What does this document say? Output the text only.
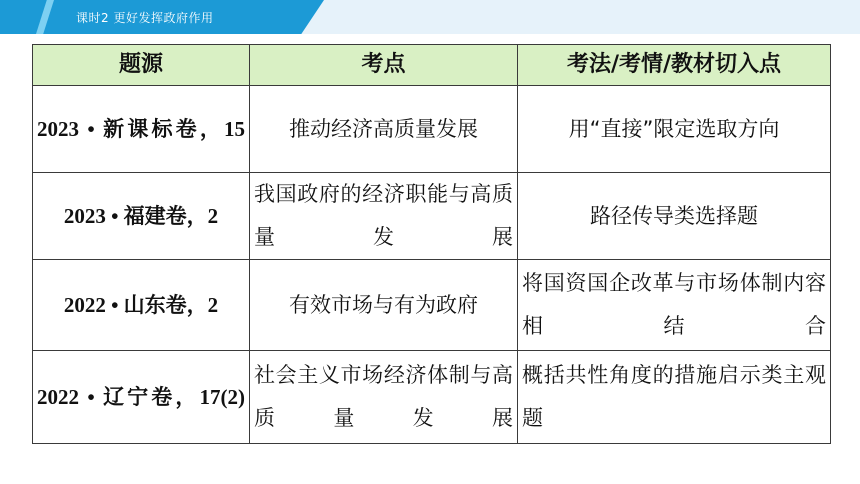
课时2 更好发挥政府作用
题源	考点	考法/考情/教材切入点
2023 • 新课标卷，15	推动经济高质量发展	用“直接”限定选取方向
2023 • 福建卷，2	我国政府的经济职能与高质量发展	路径传导类选择题
2022 • 山东卷，2	有效市场与有为政府	将国资国企改革与市场体制内容相结合
2022 • 辽宁卷，17(2)	社会主义市场经济体制与高质量发展	概括共性角度的措施启示类主观题
